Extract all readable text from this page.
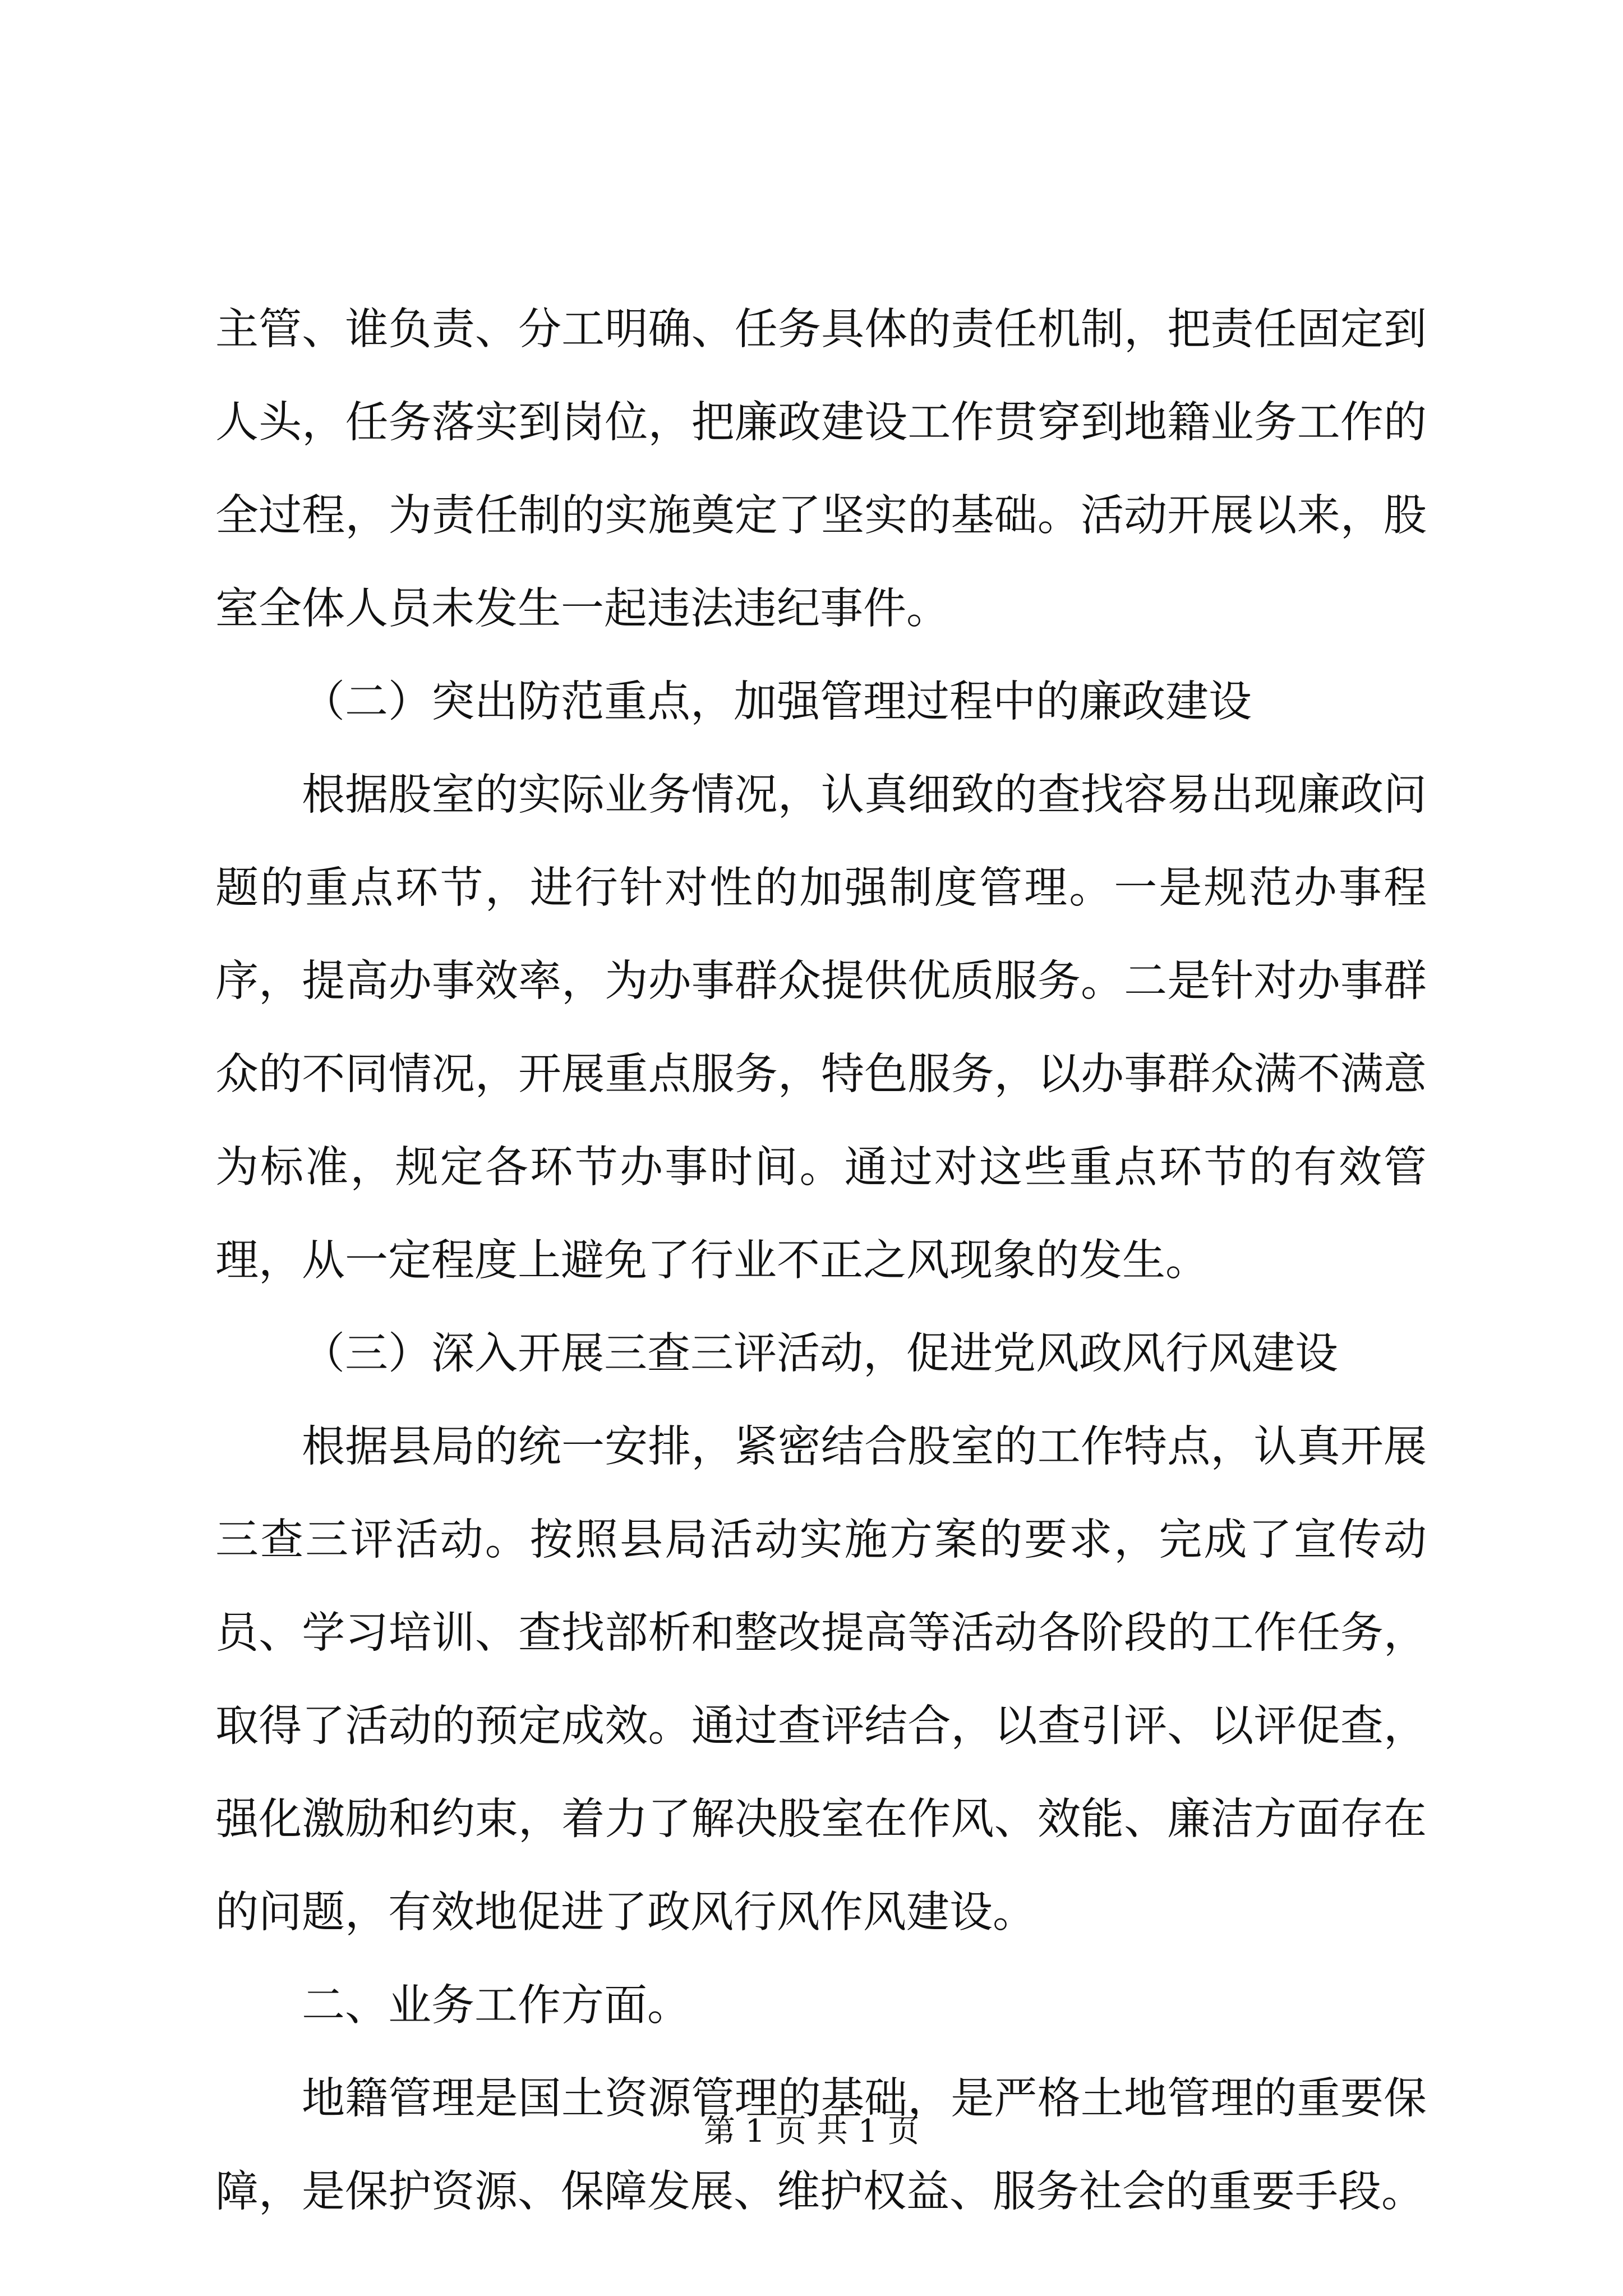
主管、谁负责、分工明确、任务具体的责任机制，把责任固定到人头，任务落实到岗位，把廉政建设工作贯穿到地籍业务工作的全过程，为责任制的实施奠定了坚实的基础。活动开展以来，股室全体人员未发生一起违法违纪事件。

（二）突出防范重点，加强管理过程中的廉政建设

根据股室的实际业务情况，认真细致的查找容易出现廉政问题的重点环节，进行针对性的加强制度管理。一是规范办事程序，提高办事效率，为办事群众提供优质服务。二是针对办事群众的不同情况，开展重点服务，特色服务，以办事群众满不满意为标准，规定各环节办事时间。通过对这些重点环节的有效管理，从一定程度上避免了行业不正之风现象的发生。

（三）深入开展三查三评活动，促进党风政风行风建设

根据县局的统一安排，紧密结合股室的工作特点，认真开展三查三评活动。按照县局活动实施方案的要求，完成了宣传动员、学习培训、查找部析和整改提高等活动各阶段的工作任务，取得了活动的预定成效。通过查评结合，以查引评、以评促查，强化激励和约束，着力了解决股室在作风、效能、廉洁方面存在的问题，有效地促进了政风行风作风建设。

二、业务工作方面。

地籍管理是国土资源管理的基础，是严格土地管理的重要保障，是保护资源、保障发展、维护权益、服务社会的重要手段。

第 1 页 共 1 页
